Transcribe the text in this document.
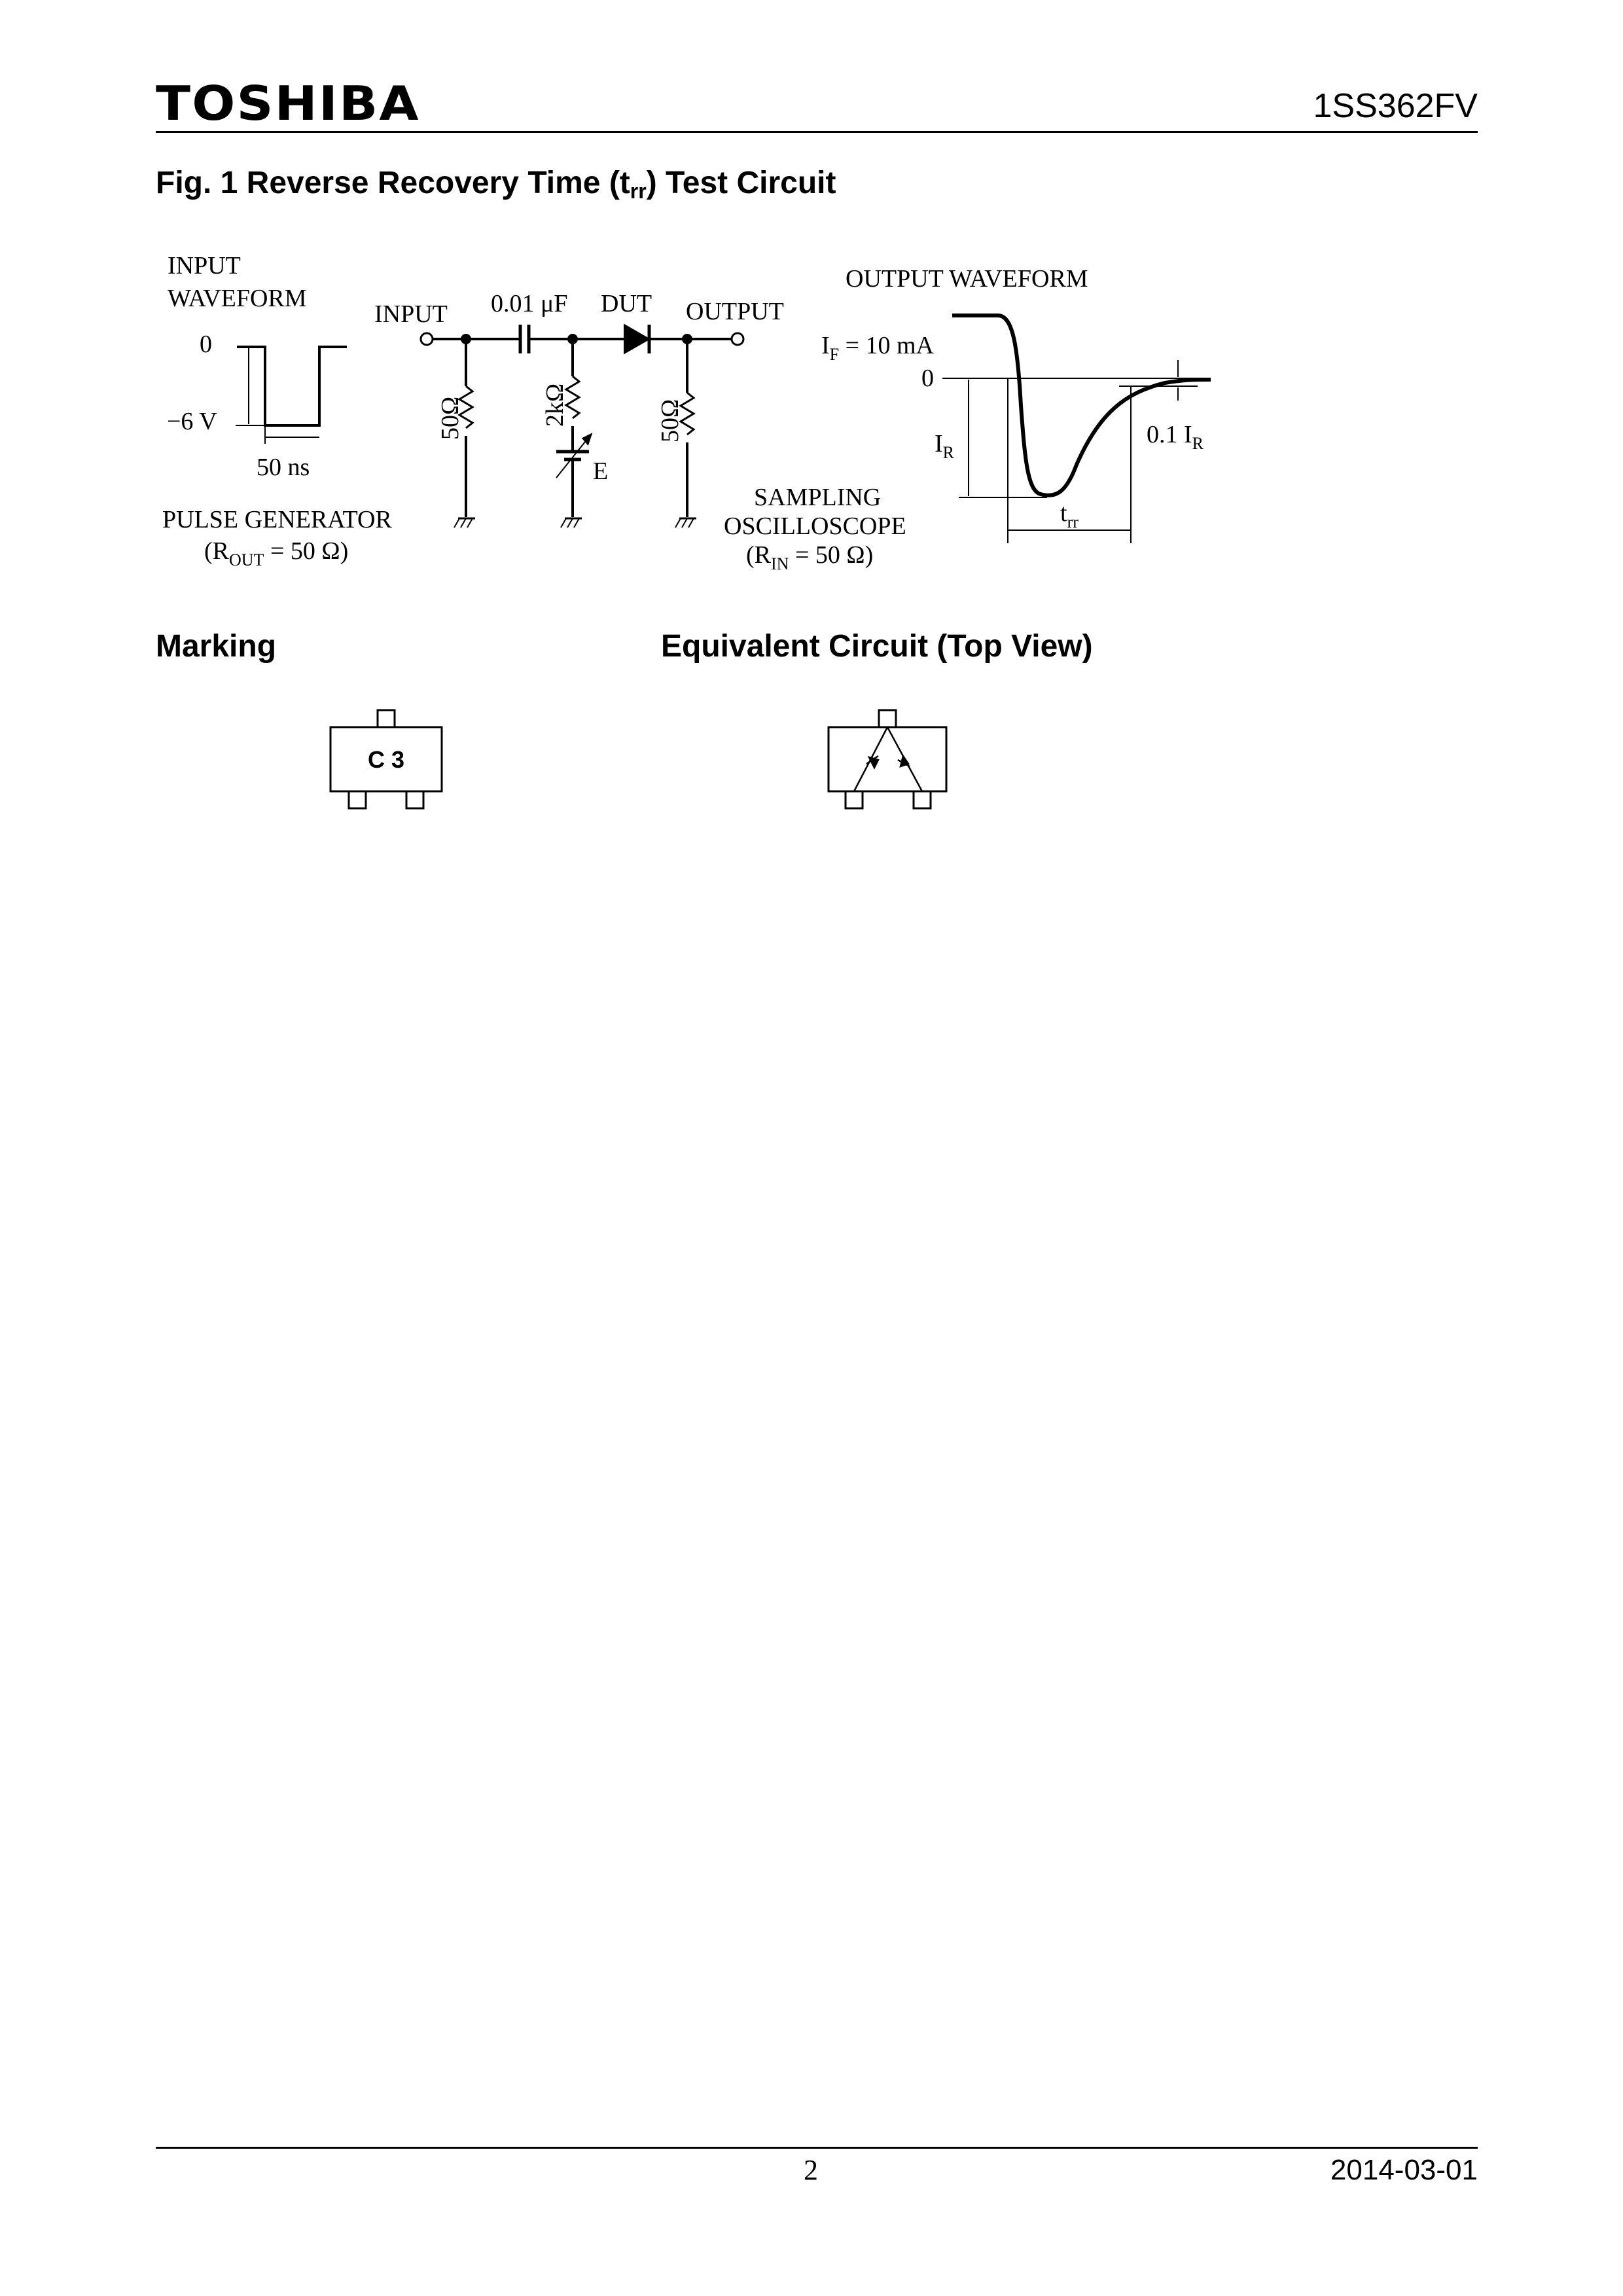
TOSHIBA	1SS362FV
Fig. 1 Reverse Recovery Time $(t_{rr})$ Test Circuit
INPUT
WAVEFORM
0
−6 V
50 ns
PULSE GENERATOR
($R_{OUT} = 50$ Ω)
INPUT 0.01 μF DUT OUTPUT
50Ω	2kΩ	50Ω
E
SAMPLING
OSCILLOSCOPE
($R_{IN} = 50$ Ω)
OUTPUT WAVEFORM
$I_F = 10$ mA
0
$I_R$
0.1 $I_R$
$t_{rr}$
Marking
C 3
Equivalent Circuit (Top View)
2	2014-03-01
